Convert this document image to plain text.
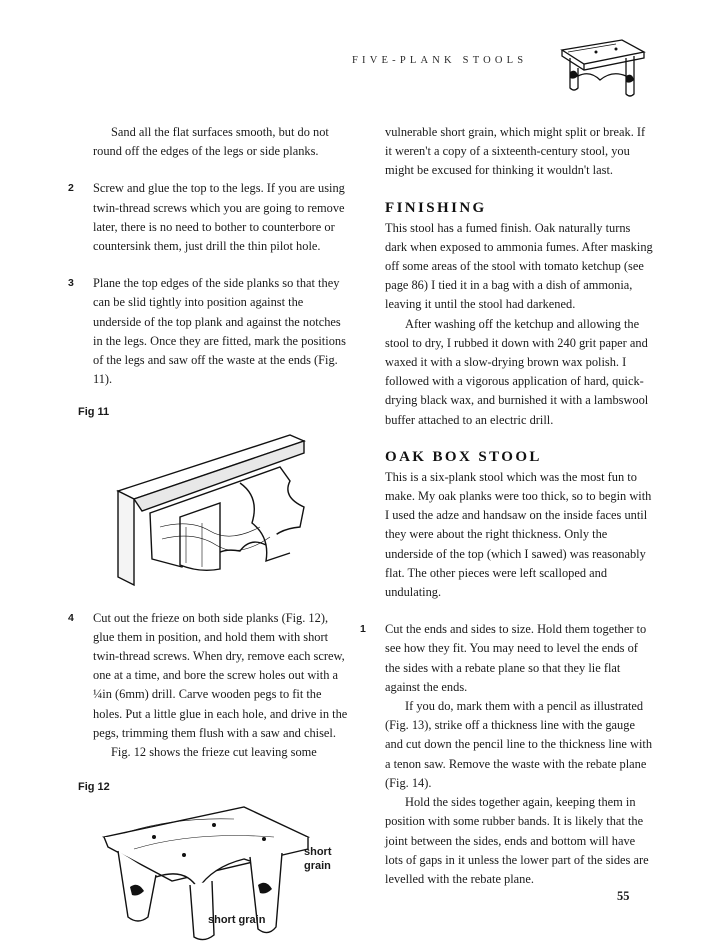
FIVE-PLANK STOOLS

Sand all the flat surfaces smooth, but do not round off the edges of the legs or side planks.

2 Screw and glue the top to the legs. If you are using twin-thread screws which you are going to remove later, there is no need to bother to counterbore or countersink them, just drill the thin pilot hole.

3 Plane the top edges of the side planks so that they can be slid tightly into position against the underside of the top plank and against the notches in the legs. Once they are fitted, mark the positions of the legs and saw off the waste at the ends (Fig. 11).

Fig 11
4 Cut out the frieze on both side planks (Fig. 12), glue them in position, and hold them with short twin-thread screws. When dry, remove each screw, one at a time, and bore the screw holes out with a ¼in (6mm) drill. Carve wooden pegs to fit the holes. Put a little glue in each hole, and drive in the pegs, trimming them flush with a saw and chisel.

Fig. 12 shows the frieze cut leaving some

Fig 12
short grain
short grain

vulnerable short grain, which might split or break. If it weren't a copy of a sixteenth-century stool, you might be excused for thinking it wouldn't last.

FINISHING

This stool has a fumed finish. Oak naturally turns dark when exposed to ammonia fumes. After masking off some areas of the stool with tomato ketchup (see page 86) I tied it in a bag with a dish of ammonia, leaving it until the stool had darkened.

After washing off the ketchup and allowing the stool to dry, I rubbed it down with 240 grit paper and waxed it with a slow-drying brown wax polish. I followed with a vigorous application of hard, quick-drying black wax, and burnished it with a lambswool buffer attached to an electric drill.

OAK BOX STOOL

This is a six-plank stool which was the most fun to make. My oak planks were too thick, so to begin with I used the adze and handsaw on the inside faces until they were about the right thickness. Only the underside of the top (which I sawed) was reasonably flat. The other pieces were left scalloped and undulating.

1 Cut the ends and sides to size. Hold them together to see how they fit. You may need to level the ends of the sides with a rebate plane so that they lie flat against the ends.

If you do, mark them with a pencil as illustrated (Fig. 13), strike off a thickness line with the gauge and cut down the pencil line to the thickness line with a tenon saw. Remove the waste with the rebate plane (Fig. 14).

Hold the sides together again, keeping them in position with some rubber bands. It is likely that the joint between the sides, ends and bottom will have lots of gaps in it unless the lower part of the sides are levelled with the rebate plane.

55
